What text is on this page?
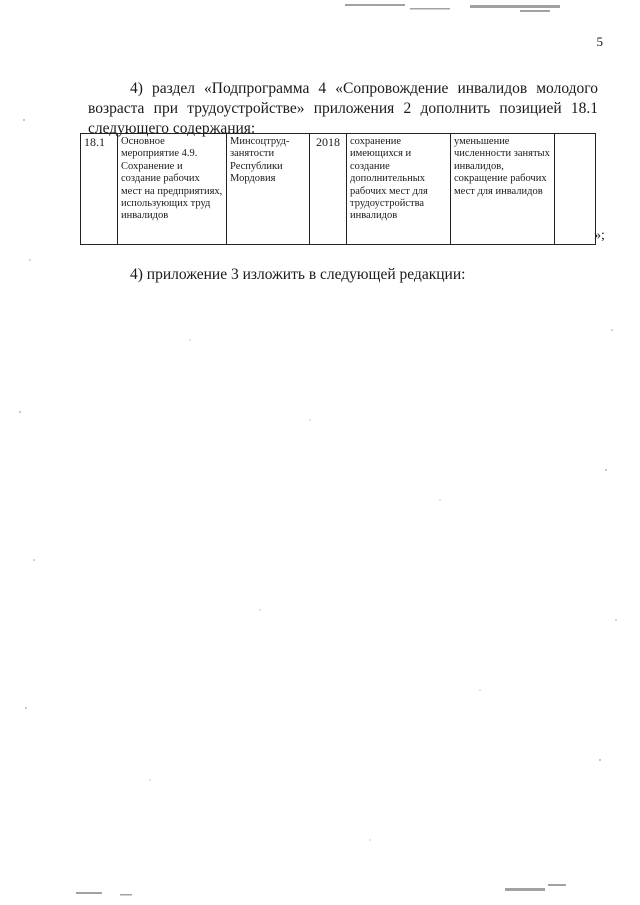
5

4) раздел «Подпрограмма 4 «Сопровождение инвалидов молодого возраста при трудоустройстве» приложения 2 дополнить позицией 18.1 следующего содержания:

18.1	Основное мероприятие 4.9. Сохранение и создание рабочих мест на предприятиях, использующих труд инвалидов	Минсоцтруд-занятости Республики Мордовия	2018	сохранение имеющихся и создание дополнительных рабочих мест для трудоустройства инвалидов	уменьшение численности занятых инвалидов, сокращение рабочих мест для инвалидов	
»;

4) приложение 3 изложить в следующей редакции:
